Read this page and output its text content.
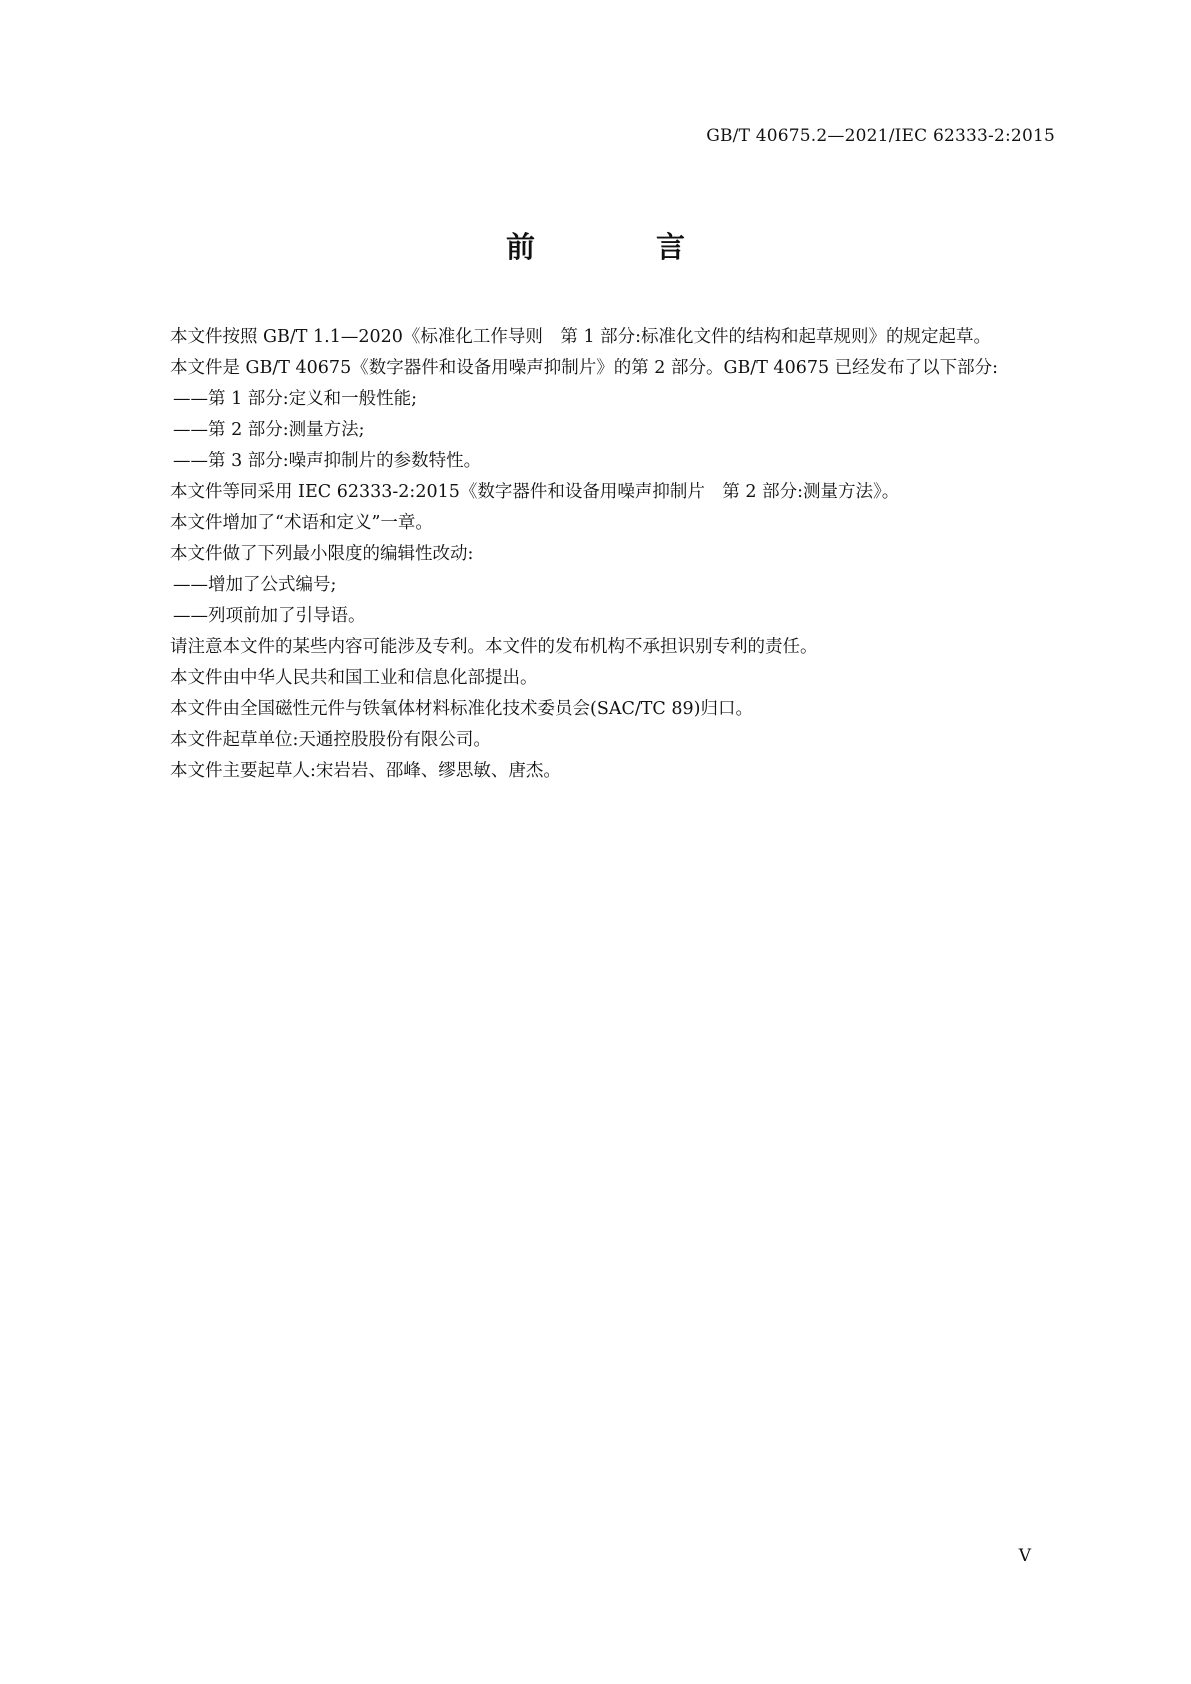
GB/T 40675.2—2021/IEC 62333-2:2015
前　言

本文件按照 GB/T 1.1—2020《标准化工作导则　第 1 部分:标准化文件的结构和起草规则》的规定起草。

本文件是 GB/T 40675《数字器件和设备用噪声抑制片》的第 2 部分。GB/T 40675 已经发布了以下部分:

——第 1 部分:定义和一般性能;

——第 2 部分:测量方法;

——第 3 部分:噪声抑制片的参数特性。

本文件等同采用 IEC 62333-2:2015《数字器件和设备用噪声抑制片　第 2 部分:测量方法》。

本文件增加了“术语和定义”一章。

本文件做了下列最小限度的编辑性改动:

——增加了公式编号;

——列项前加了引导语。

请注意本文件的某些内容可能涉及专利。本文件的发布机构不承担识别专利的责任。

本文件由中华人民共和国工业和信息化部提出。

本文件由全国磁性元件与铁氧体材料标准化技术委员会(SAC/TC 89)归口。

本文件起草单位:天通控股股份有限公司。

本文件主要起草人:宋岩岩、邵峰、缪思敏、唐杰。

V
